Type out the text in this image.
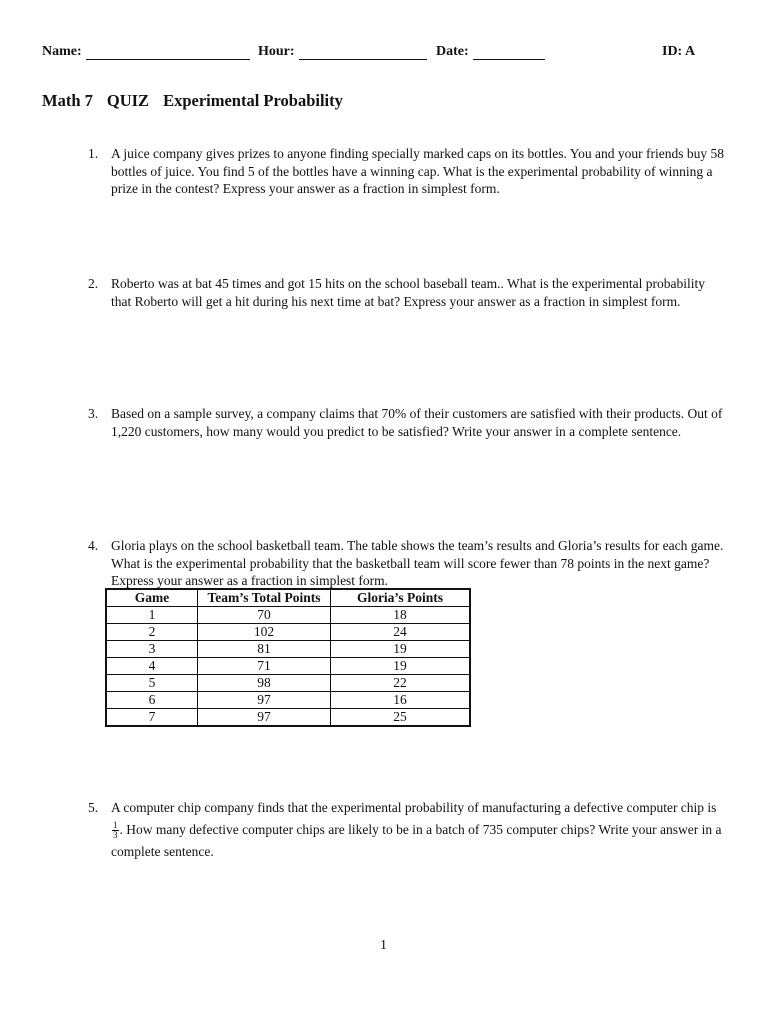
Name:	Hour:	Date:	ID: A
Math 7 QUIZ Experimental Probability
1. A juice company gives prizes to anyone finding specially marked caps on its bottles. You and your friends buy 58 bottles of juice. You find 5 of the bottles have a winning cap. What is the experimental probability of winning a prize in the contest? Express your answer as a fraction in simplest form.
2. Roberto was at bat 45 times and got 15 hits on the school baseball team.. What is the experimental probability that Roberto will get a hit during his next time at bat? Express your answer as a fraction in simplest form.
3. Based on a sample survey, a company claims that 70% of their customers are satisfied with their products. Out of 1,220 customers, how many would you predict to be satisfied? Write your answer in a complete sentence.
4. Gloria plays on the school basketball team. The table shows the team’s results and Gloria’s results for each game. What is the experimental probability that the basketball team will score fewer than 78 points in the next game? Express your answer as a fraction in simplest form.
Game	Team’s Total Points	Gloria’s Points
1	70	18
2	102	24
3	81	19
4	71	19
5	98	22
6	97	16
7	97	25
5. A computer chip company finds that the experimental probability of manufacturing a defective computer chip is
$\frac{1}{3}$ . How many defective computer chips are likely to be in a batch of 735 computer chips? Write your answer in a complete sentence.
1
